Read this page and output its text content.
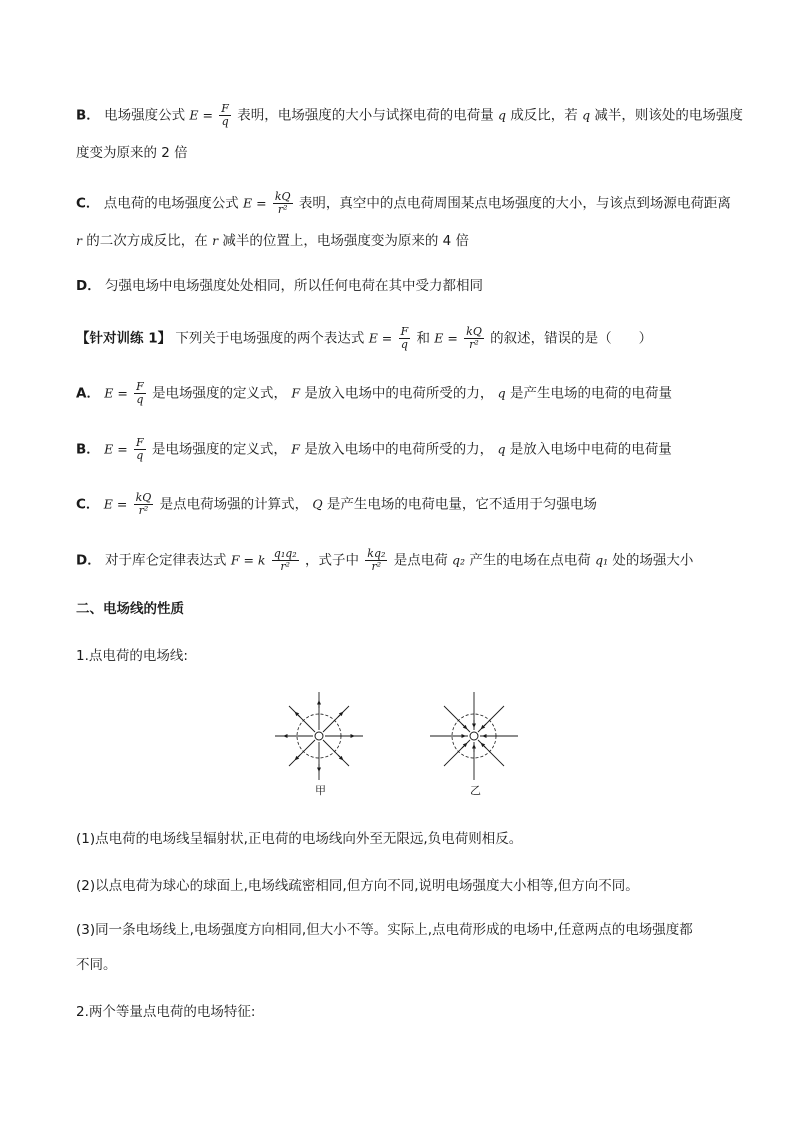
B． 电场强度公式 $E = \frac{F}{q}$ 表明，电场强度的大小与试探电荷的电荷量 q 成反比，若 q 减半，则该处的电场强度
度变为原来的 2 倍
C． 点电荷的电场强度公式 $E = \frac{kQ}{\text{r²}}$ 表明，真空中的点电荷周围某点电场强度的大小，与该点到场源电荷距离
r 的二次方成反比，在 r 减半的位置上，电场强度变为原来的 4 倍
D． 匀强电场中电场强度处处相同，所以任何电荷在其中受力都相同
【针对训练 1】 下列关于电场强度的两个表达式 $E = \frac{F}{q}$ 和 $E = \frac{kQ}{\text{r²}}$ 的叙述，错误的是（　　）
A． $E = \frac{F}{q}$ 是电场强度的定义式， F 是放入电场中的电荷所受的力， q 是产生电场的电荷的电荷量
B． $E = \frac{F}{q}$ 是电场强度的定义式， F 是放入电场中的电荷所受的力， q 是放入电场中电荷的电荷量
C． $E = \frac{kQ}{\text{r²}}$ 是点电荷场强的计算式， Q 是产生电场的电荷电量，它不适用于匀强电场
D． 对于库仑定律表达式 F = k $\frac{\text{q₁q₂}}{\text{r²}}$ ，式子中 $\frac{\text{kq₂}}{\text{r²}}$ 是点电荷 q₂ 产生的电场在点电荷 q₁ 处的场强大小
二、电场线的性质
1.点电荷的电场线:
甲	乙
(1)点电荷的电场线呈辐射状,正电荷的电场线向外至无限远,负电荷则相反。
(2)以点电荷为球心的球面上,电场线疏密相同,但方向不同,说明电场强度大小相等,但方向不同。
(3)同一条电场线上,电场强度方向相同,但大小不等。实际上,点电荷形成的电场中,任意两点的电场强度都
不同。
2.两个等量点电荷的电场特征:
